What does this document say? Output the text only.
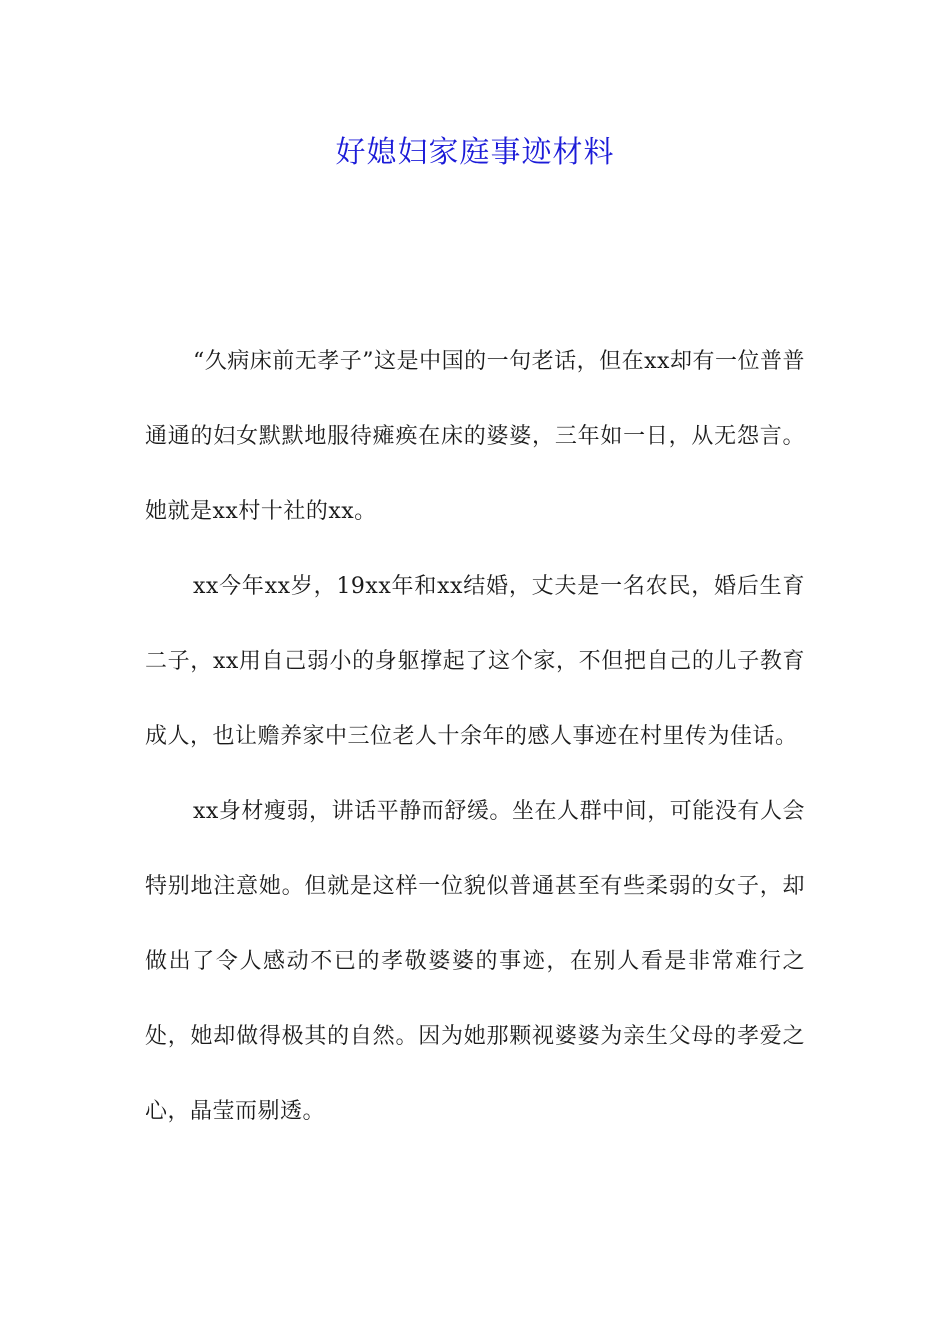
好媳妇家庭事迹材料

“久病床前无孝子”这是中国的一句老话，但在xx却有一位普普通通的妇女默默地服待瘫痪在床的婆婆，三年如一日，从无怨言。她就是xx村十社的xx。

xx今年xx岁，19xx年和xx结婚，丈夫是一名农民，婚后生育二子，xx用自己弱小的身躯撑起了这个家，不但把自己的儿子教育成人，也让赡养家中三位老人十余年的感人事迹在村里传为佳话。

xx身材瘦弱，讲话平静而舒缓。坐在人群中间，可能没有人会特别地注意她。但就是这样一位貌似普通甚至有些柔弱的女子，却做出了令人感动不已的孝敬婆婆的事迹，在别人看是非常难行之处，她却做得极其的自然。因为她那颗视婆婆为亲生父母的孝爱之心，晶莹而剔透。
